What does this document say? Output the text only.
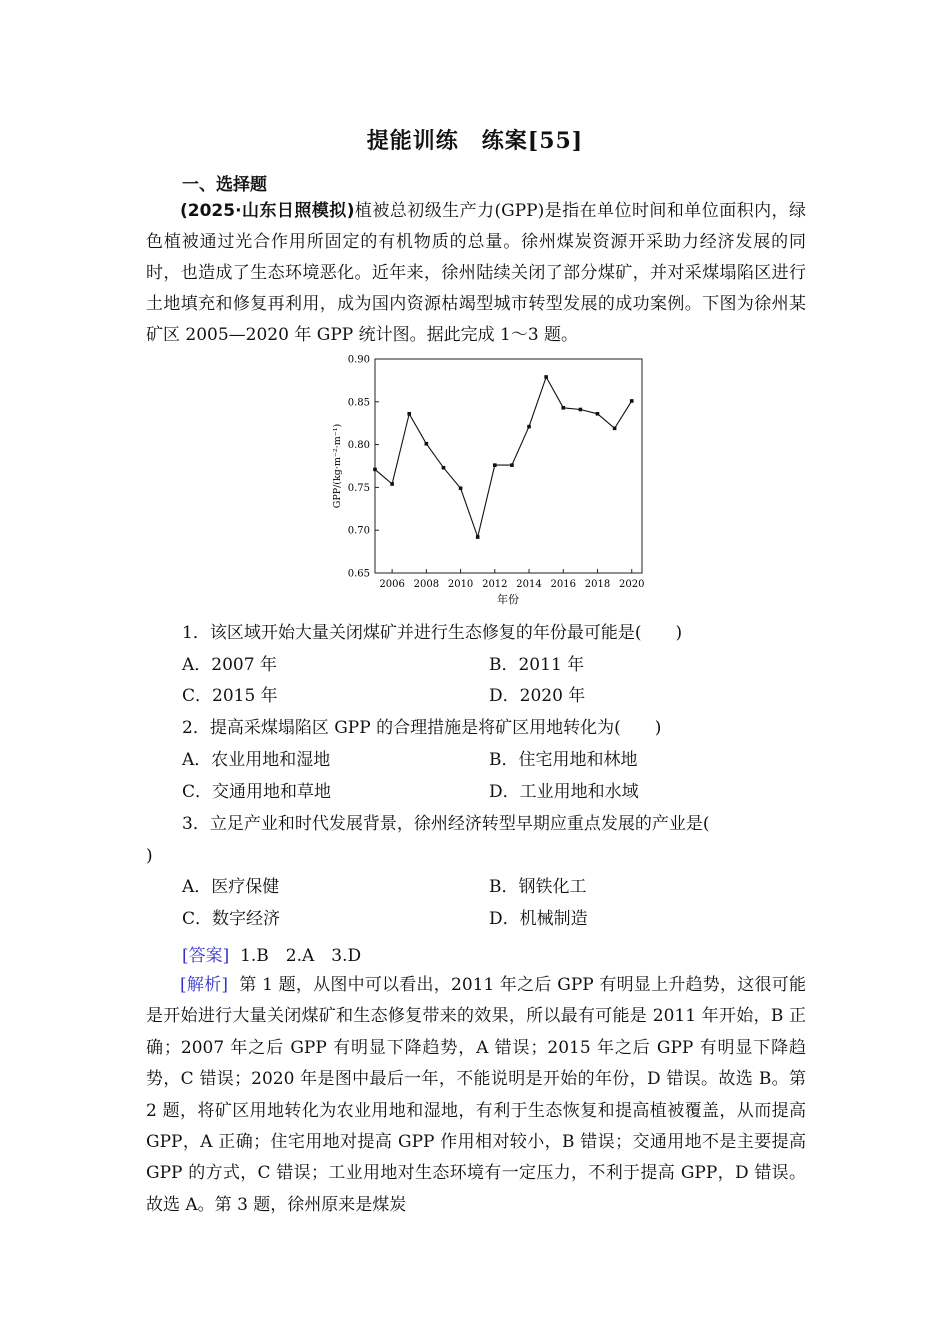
提能训练　练案[55]
一、选择题

(2025·山东日照模拟)植被总初级生产力(GPP)是指在单位时间和单位面积内，绿色植被通过光合作用所固定的有机物质的总量。徐州煤炭资源开采助力经济发展的同时，也造成了生态环境恶化。近年来，徐州陆续关闭了部分煤矿，并对采煤塌陷区进行土地填充和修复再利用，成为国内资源枯竭型城市转型发展的成功案例。下图为徐州某矿区 2005—2020 年 GPP 统计图。据此完成 1～3 题。

0.65
0.70
0.75
0.80
0.85
0.90
2006 2008 2010 2012 2014 2016 2018 2020
年份
GPP/(kg·m⁻²·m⁻¹)
1．该区域开始大量关闭煤矿并进行生态修复的年份最可能是(　　)
A．2007 年	B．2011 年
C．2015 年	D．2020 年
2．提高采煤塌陷区 GPP 的合理措施是将矿区用地转化为(　　)
A．农业用地和湿地	B．住宅用地和林地
C．交通用地和草地	D．工业用地和水域
3．立足产业和时代发展背景，徐州经济转型早期应重点发展的产业是(
)
A．医疗保健	B．钢铁化工
C．数字经济	D．机械制造
[答案] 1.B　2.A　3.D

[解析] 第 1 题，从图中可以看出，2011 年之后 GPP 有明显上升趋势，这很可能是开始进行大量关闭煤矿和生态修复带来的效果，所以最有可能是 2011 年开始，B 正确；2007 年之后 GPP 有明显下降趋势，A 错误；2015 年之后 GPP 有明显下降趋势，C 错误；2020 年是图中最后一年，不能说明是开始的年份，D 错误。故选 B。第 2 题，将矿区用地转化为农业用地和湿地，有利于生态恢复和提高植被覆盖，从而提高 GPP，A 正确；住宅用地对提高 GPP 作用相对较小，B 错误；交通用地不是主要提高 GPP 的方式，C 错误；工业用地对生态环境有一定压力，不利于提高 GPP，D 错误。故选 A。第 3 题，徐州原来是煤炭
